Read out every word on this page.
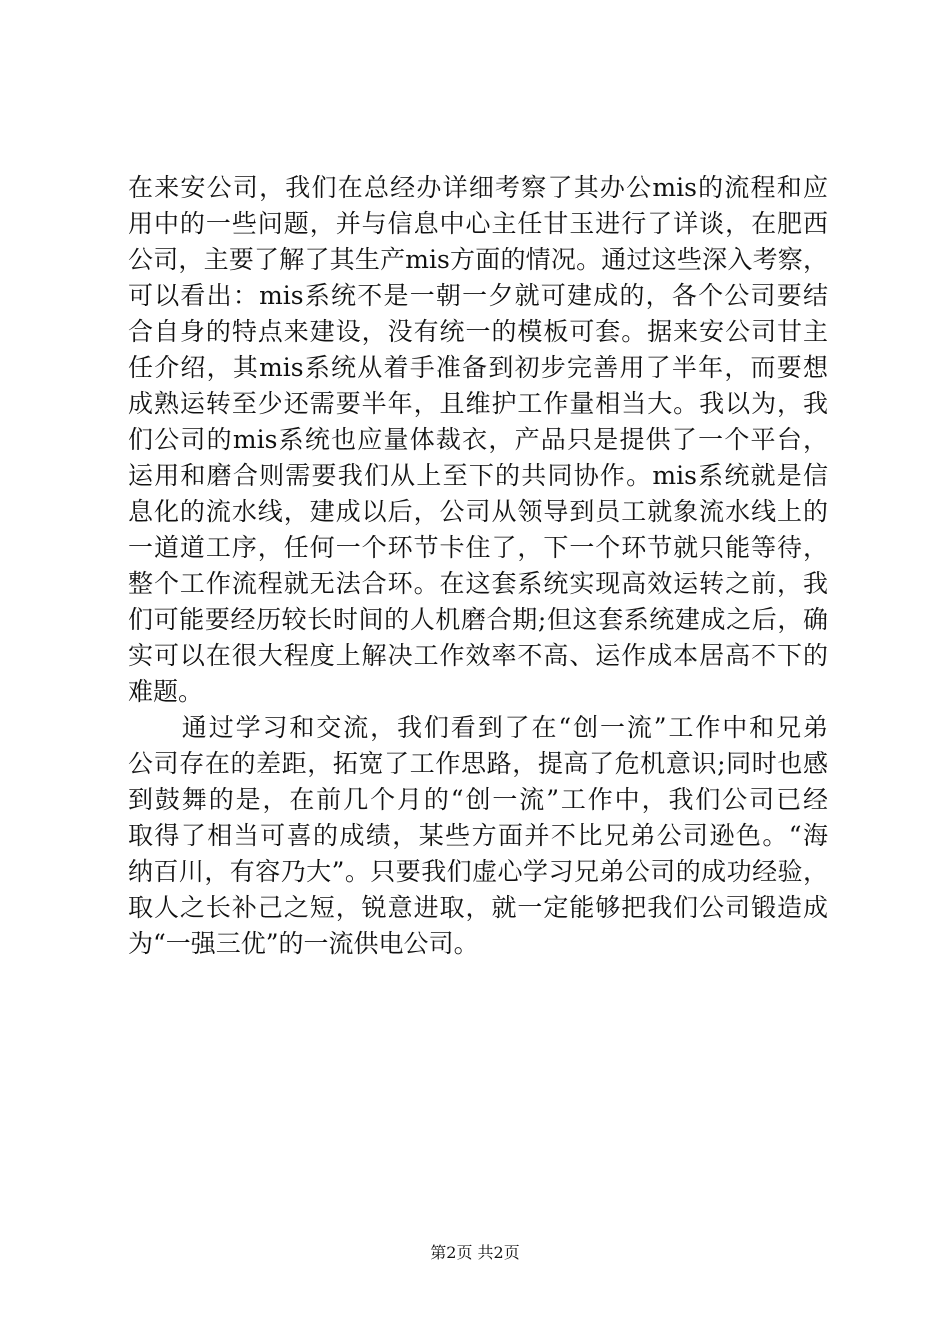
在来安公司，我们在总经办详细考察了其办公mis的流程和应
用中的一些问题，并与信息中心主任甘玉进行了详谈，在肥西
公司，主要了解了其生产mis方面的情况。通过这些深入考察，
可以看出：mis系统不是一朝一夕就可建成的，各个公司要结
合自身的特点来建设，没有统一的模板可套。据来安公司甘主
任介绍，其mis系统从着手准备到初步完善用了半年，而要想
成熟运转至少还需要半年，且维护工作量相当大。我以为，我
们公司的mis系统也应量体裁衣，产品只是提供了一个平台，
运用和磨合则需要我们从上至下的共同协作。mis系统就是信
息化的流水线，建成以后，公司从领导到员工就象流水线上的
一道道工序，任何一个环节卡住了，下一个环节就只能等待，
整个工作流程就无法合环。在这套系统实现高效运转之前，我
们可能要经历较长时间的人机磨合期;但这套系统建成之后，确
实可以在很大程度上解决工作效率不高、运作成本居高不下的
难题。
　　通过学习和交流，我们看到了在“创一流”工作中和兄弟
公司存在的差距，拓宽了工作思路，提高了危机意识;同时也感
到鼓舞的是，在前几个月的“创一流”工作中，我们公司已经
取得了相当可喜的成绩，某些方面并不比兄弟公司逊色。“海
纳百川，有容乃大”。只要我们虚心学习兄弟公司的成功经验，
取人之长补己之短，锐意进取，就一定能够把我们公司锻造成
为“一强三优”的一流供电公司。
第2页 共2页
